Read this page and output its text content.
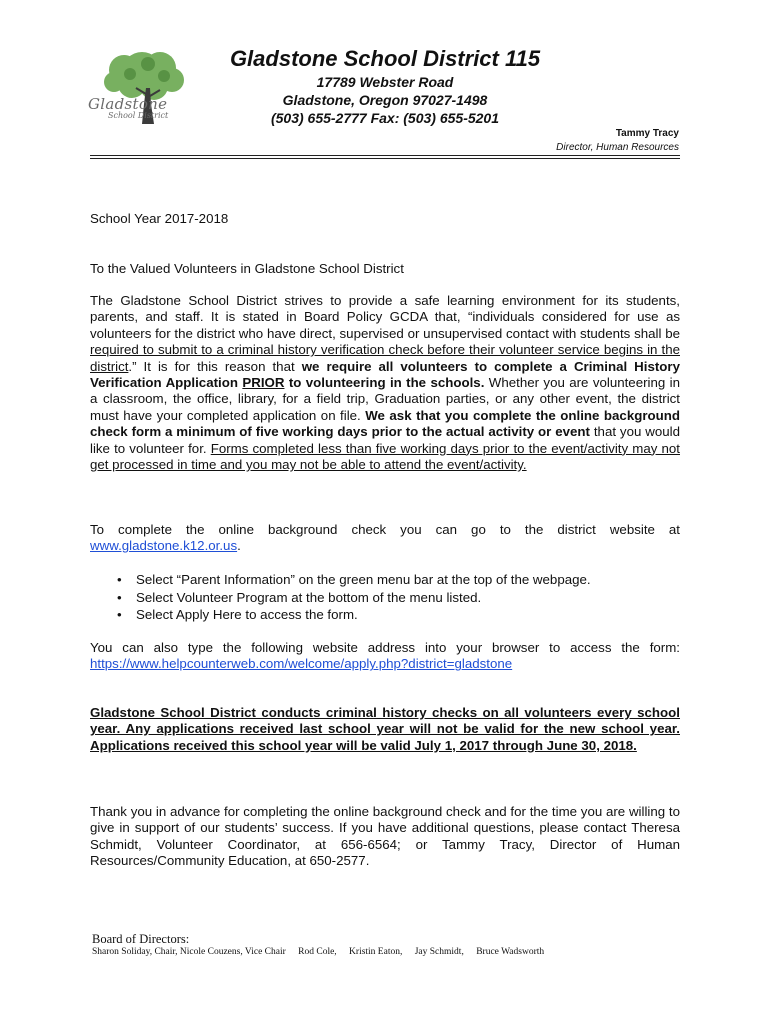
Gladstone
School District
Gladstone School District 115
17789 Webster Road
Gladstone, Oregon 97027-1498
(503) 655-2777 Fax: (503) 655-5201
Tammy Tracy
Director, Human Resources
School Year 2017-2018
To the Valued Volunteers in Gladstone School District
The Gladstone School District strives to provide a safe learning environment for its students, parents, and staff. It is stated in Board Policy GCDA that, “individuals considered for use as volunteers for the district who have direct, supervised or unsupervised contact with students shall be required to submit to a criminal history verification check before their volunteer service begins in the district.” It is for this reason that we require all volunteers to complete a Criminal History Verification Application PRIOR to volunteering in the schools. Whether you are volunteering in a classroom, the office, library, for a field trip, Graduation parties, or any other event, the district must have your completed application on file. We ask that you complete the online background check form a minimum of five working days prior to the actual activity or event that you would like to volunteer for. Forms completed less than five working days prior to the event/activity may not get processed in time and you may not be able to attend the event/activity.
To complete the online background check you can go to the district website at www.gladstone.k12.or.us.
• Select “Parent Information” on the green menu bar at the top of the webpage.
• Select Volunteer Program at the bottom of the menu listed.
• Select Apply Here to access the form.
You can also type the following website address into your browser to access the form: https://www.helpcounterweb.com/welcome/apply.php?district=gladstone
Gladstone School District conducts criminal history checks on all volunteers every school year. Any applications received last school year will not be valid for the new school year. Applications received this school year will be valid July 1, 2017 through June 30, 2018.
Thank you in advance for completing the online background check and for the time you are willing to give in support of our students’ success. If you have additional questions, please contact Theresa Schmidt, Volunteer Coordinator, at 656-6564; or Tammy Tracy, Director of Human Resources/Community Education, at 650-2577.
Board of Directors:
Sharon Soliday, Chair, Nicole Couzens, Vice Chair Rod Cole, Kristin Eaton, Jay Schmidt, Bruce Wadsworth
